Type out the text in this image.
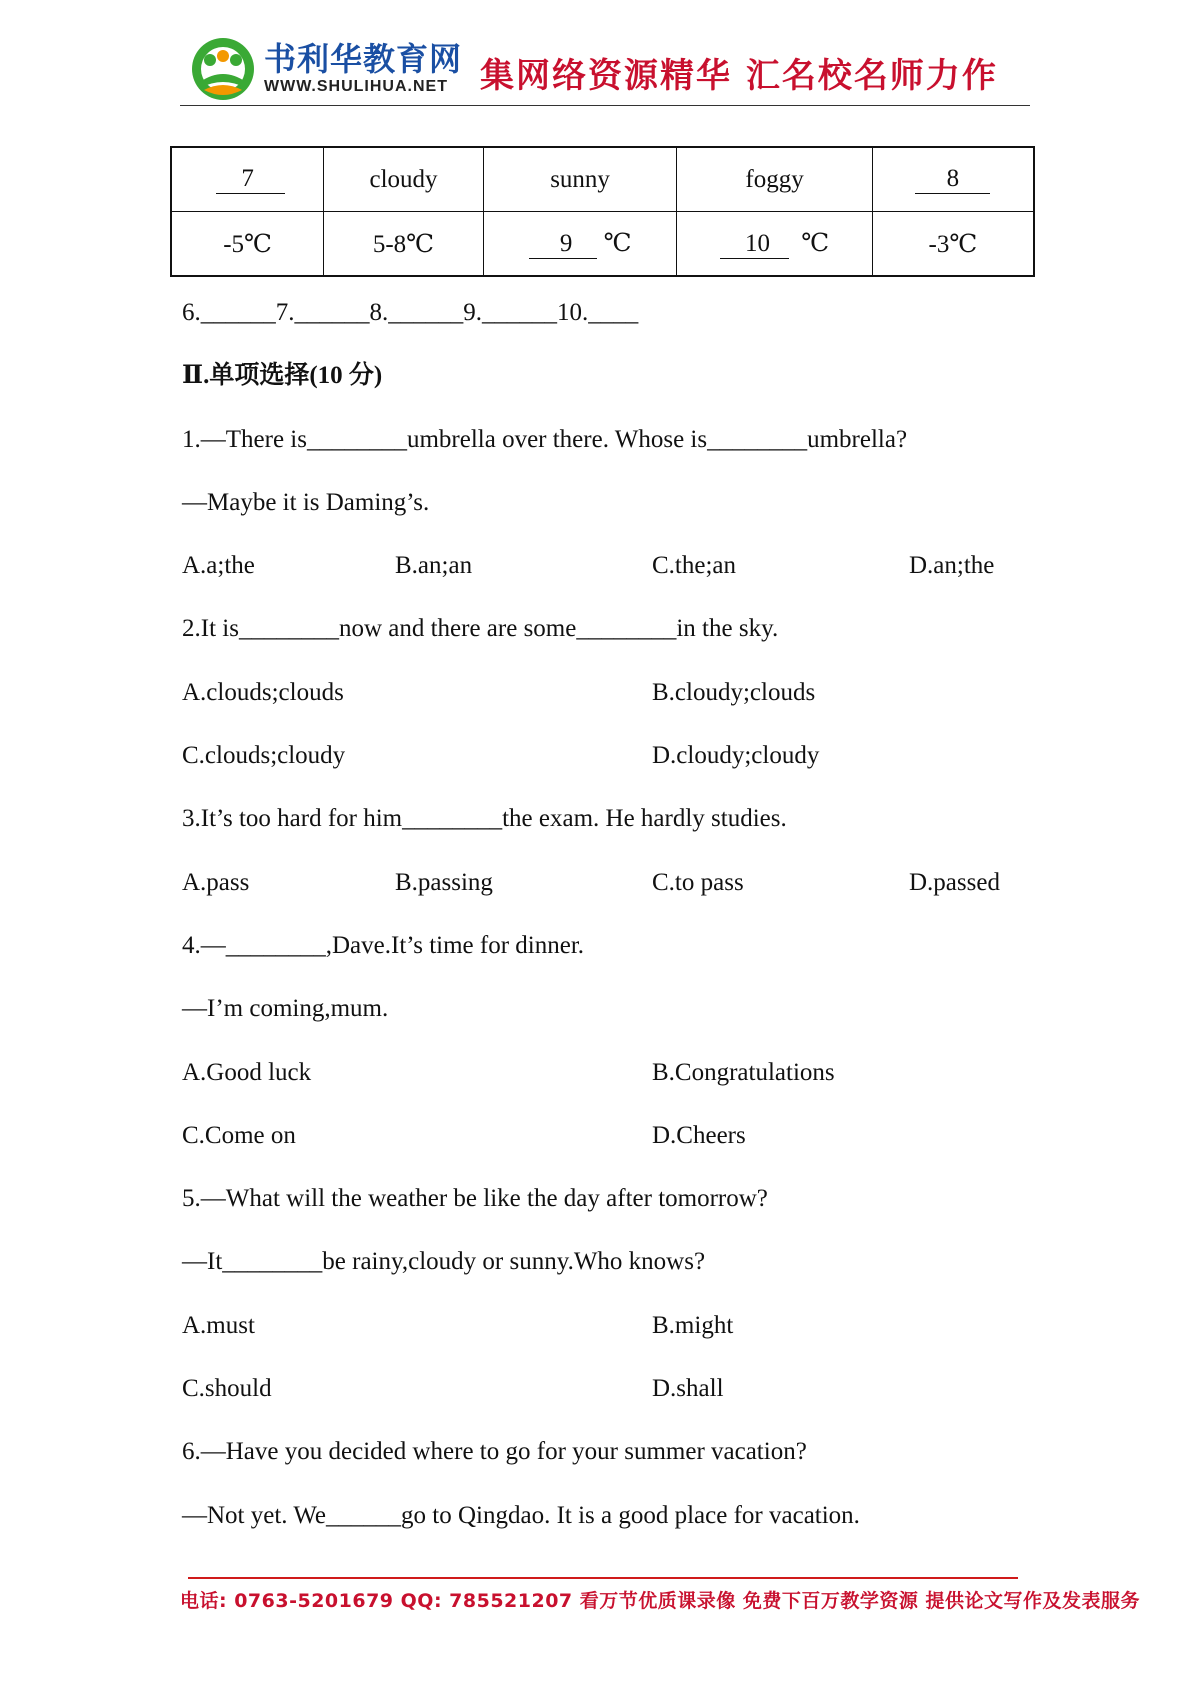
书利华教育网
WWW.SHULIHUA.NET 集网络资源精华 汇名校名师力作
7	cloudy	sunny	foggy	8
-5℃	5-8℃	9 ℃	10 ℃	-3℃
6.______7.______8.______9.______10.____
Ⅱ.单项选择(10 分)
1.—There is________umbrella over there. Whose is________umbrella?
—Maybe it is Daming’s.
A.a;the	B.an;an	C.the;an	D.an;the
2.It is________now and there are some________in the sky.
A.clouds;clouds	B.cloudy;clouds
C.clouds;cloudy	D.cloudy;cloudy
3.It’s too hard for him________the exam. He hardly studies.
A.pass	B.passing	C.to pass	D.passed
4.—________,Dave.It’s time for dinner.
—I’m coming,mum.
A.Good luck	B.Congratulations
C.Come on	D.Cheers
5.—What will the weather be like the day after tomorrow?
—It________be rainy,cloudy or sunny.Who knows?
A.must	B.might
C.should	D.shall
6.—Have you decided where to go for your summer vacation?
—Not yet. We______go to Qingdao. It is a good place for vacation.
电话: 0763-5201679 QQ: 785521207 看万节优质课录像 免费下百万教学资源 提供论文写作及发表服务
